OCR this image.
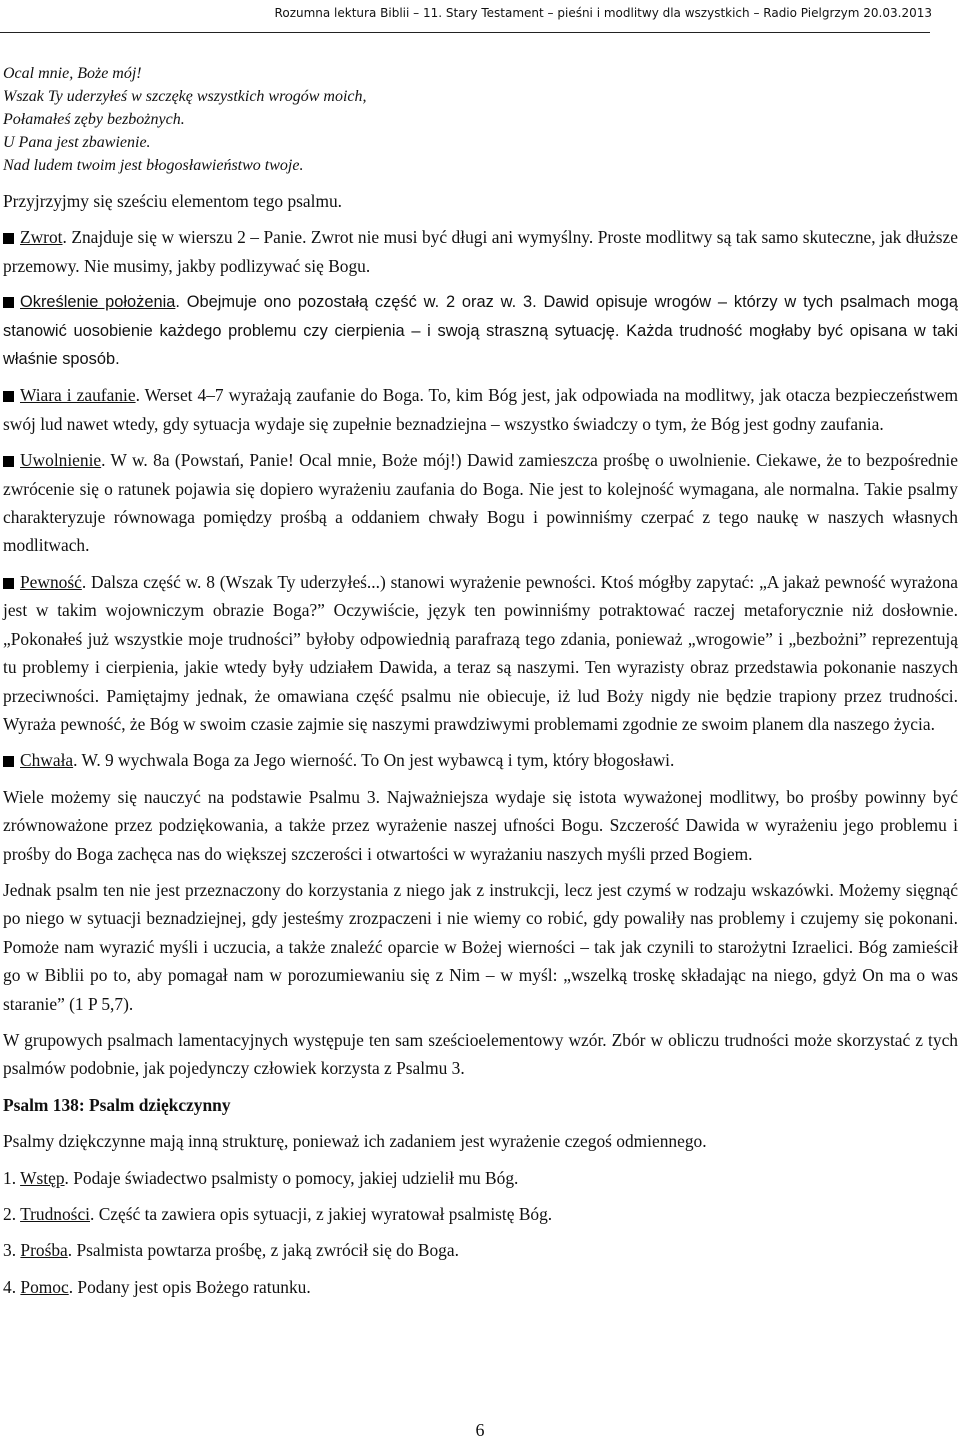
Rozumna lektura Biblii – 11. Stary Testament – pieśni i modlitwy dla wszystkich – Radio Pielgrzym 20.03.2013
Ocal mnie, Boże mój!
Wszak Ty uderzyłeś w szczękę wszystkich wrogów moich,
Połamałeś zęby bezbożnych.
U Pana jest zbawienie.
Nad ludem twoim jest błogosławieństwo twoje.

Przyjrzyjmy się sześciu elementom tego psalmu.

Zwrot. Znajduje się w wierszu 2 – Panie. Zwrot nie musi być długi ani wymyślny. Proste modlitwy są tak samo skuteczne, jak dłuższe przemowy. Nie musimy, jakby podlizywać się Bogu.

Określenie położenia. Obejmuje ono pozostałą część w. 2 oraz w. 3. Dawid opisuje wrogów – którzy w tych psalmach mogą stanowić uosobienie każdego problemu czy cierpienia – i swoją straszną sytuację. Każda trudność mogłaby być opisana w taki właśnie sposób.

Wiara i zaufanie. Werset 4–7 wyrażają zaufanie do Boga. To, kim Bóg jest, jak odpowiada na modlitwy, jak otacza bezpieczeństwem swój lud nawet wtedy, gdy sytuacja wydaje się zupełnie beznadziejna – wszystko świadczy o tym, że Bóg jest godny zaufania.

Uwolnienie. W w. 8a (Powstań, Panie! Ocal mnie, Boże mój!) Dawid zamieszcza prośbę o uwolnienie. Ciekawe, że to bezpośrednie zwrócenie się o ratunek pojawia się dopiero wyrażeniu zaufania do Boga. Nie jest to kolejność wymagana, ale normalna. Takie psalmy charakteryzuje równowaga pomiędzy prośbą a oddaniem chwały Bogu i powinniśmy czerpać z tego naukę w naszych własnych modlitwach.

Pewność. Dalsza część w. 8 (Wszak Ty uderzyłeś...) stanowi wyrażenie pewności. Ktoś mógłby zapytać: „A jakaż pewność wyrażona jest w takim wojowniczym obrazie Boga?” Oczywiście, język ten powinniśmy potraktować raczej metaforycznie niż dosłownie. „Pokonałeś już wszystkie moje trudności” byłoby odpowiednią parafrazą tego zdania, ponieważ „wrogowie” i „bezbożni” reprezentują tu problemy i cierpienia, jakie wtedy były udziałem Dawida, a teraz są naszymi. Ten wyrazisty obraz przedstawia pokonanie naszych przeciwności. Pamiętajmy jednak, że omawiana część psalmu nie obiecuje, iż lud Boży nigdy nie będzie trapiony przez trudności. Wyraża pewność, że Bóg w swoim czasie zajmie się naszymi prawdziwymi problemami zgodnie ze swoim planem dla naszego życia.

Chwała. W. 9 wychwala Boga za Jego wierność. To On jest wybawcą i tym, który błogosławi.

Wiele możemy się nauczyć na podstawie Psalmu 3. Najważniejsza wydaje się istota wyważonej modlitwy, bo prośby powinny być zrównoważone przez podziękowania, a także przez wyrażenie naszej ufności Bogu. Szczerość Dawida w wyrażeniu jego problemu i prośby do Boga zachęca nas do większej szczerości i otwartości w wyrażaniu naszych myśli przed Bogiem.

Jednak psalm ten nie jest przeznaczony do korzystania z niego jak z instrukcji, lecz jest czymś w rodzaju wskazówki. Możemy sięgnąć po niego w sytuacji beznadziejnej, gdy jesteśmy zrozpaczeni i nie wiemy co robić, gdy powaliły nas problemy i czujemy się pokonani. Pomoże nam wyrazić myśli i uczucia, a także znaleźć oparcie w Bożej wierności – tak jak czynili to starożytni Izraelici. Bóg zamieścił go w Biblii po to, aby pomagał nam w porozumiewaniu się z Nim – w myśl: „wszelką troskę składając na niego, gdyż On ma o was staranie” (1 P 5,7).

W grupowych psalmach lamentacyjnych występuje ten sam sześcioelementowy wzór. Zbór w obliczu trudności może skorzystać z tych psalmów podobnie, jak pojedynczy człowiek korzysta z Psalmu 3.

Psalm 138: Psalm dziękczynny

Psalmy dziękczynne mają inną strukturę, ponieważ ich zadaniem jest wyrażenie czegoś odmiennego.

1. Wstęp. Podaje świadectwo psalmisty o pomocy, jakiej udzielił mu Bóg.

2. Trudności. Część ta zawiera opis sytuacji, z jakiej wyratował psalmistę Bóg.

3. Prośba. Psalmista powtarza prośbę, z jaką zwrócił się do Boga.

4. Pomoc. Podany jest opis Bożego ratunku.

6
